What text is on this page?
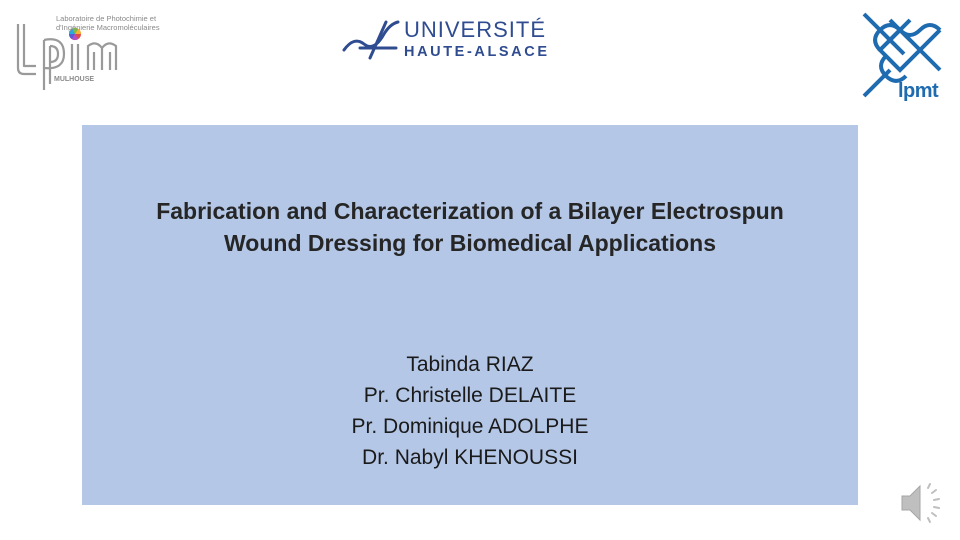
Laboratoire de Photochimie et d'Ingénierie Macromoléculaires
MULHOUSE
UNIVERSITÉ
HAUTE-ALSACE
lpmt
Fabrication and Characterization of a Bilayer Electrospun
Wound Dressing for Biomedical Applications
Tabinda RIAZ
Pr. Christelle DELAITE
Pr. Dominique ADOLPHE
Dr. Nabyl KHENOUSSI
